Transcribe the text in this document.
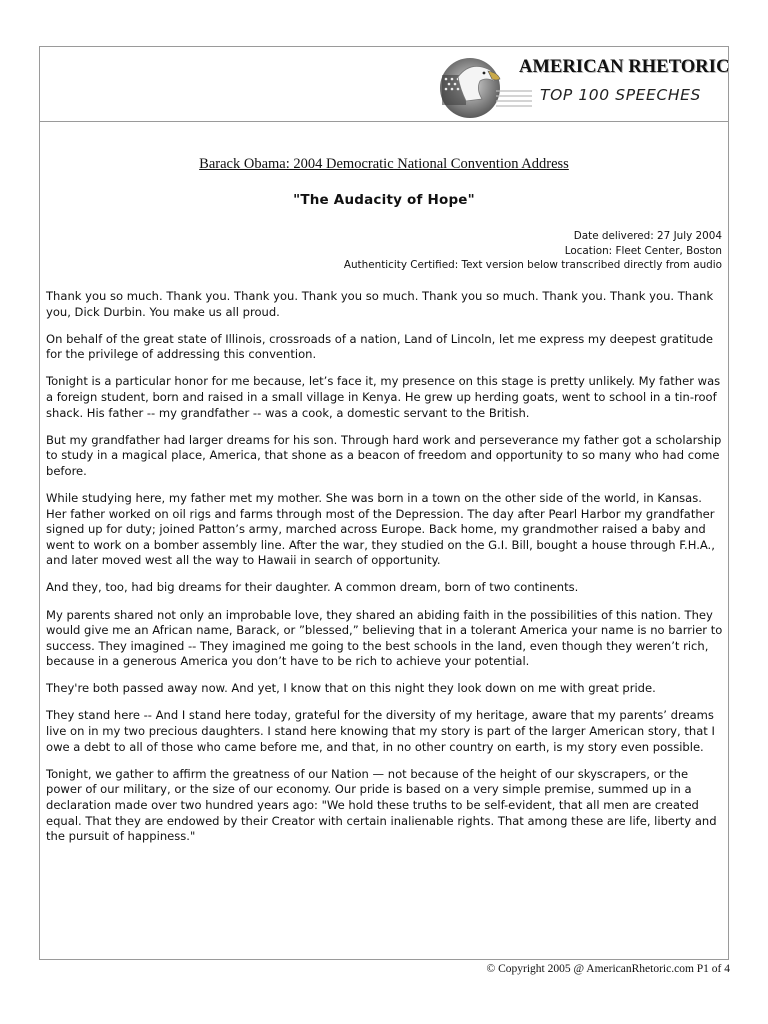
AMERICAN RHETORIC
TOP 100 SPEECHES
Barack Obama: 2004 Democratic National Convention Address
"The Audacity of Hope"
Date delivered: 27 July 2004
Location: Fleet Center, Boston
Authenticity Certified: Text version below transcribed directly from audio

Thank you so much. Thank you. Thank you. Thank you so much. Thank you so much. Thank you. Thank you. Thank you, Dick Durbin. You make us all proud.

On behalf of the great state of Illinois, crossroads of a nation, Land of Lincoln, let me express my deepest gratitude for the privilege of addressing this convention.

Tonight is a particular honor for me because, let’s face it, my presence on this stage is pretty unlikely. My father was a foreign student, born and raised in a small village in Kenya. He grew up herding goats, went to school in a tin-roof shack. His father -- my grandfather -- was a cook, a domestic servant to the British.

But my grandfather had larger dreams for his son. Through hard work and perseverance my father got a scholarship to study in a magical place, America, that shone as a beacon of freedom and opportunity to so many who had come before.

While studying here, my father met my mother. She was born in a town on the other side of the world, in Kansas. Her father worked on oil rigs and farms through most of the Depression. The day after Pearl Harbor my grandfather signed up for duty; joined Patton’s army, marched across Europe. Back home, my grandmother raised a baby and went to work on a bomber assembly line. After the war, they studied on the G.I. Bill, bought a house through F.H.A., and later moved west all the way to Hawaii in search of opportunity.

And they, too, had big dreams for their daughter. A common dream, born of two continents.

My parents shared not only an improbable love, they shared an abiding faith in the possibilities of this nation. They would give me an African name, Barack, or ”blessed,” believing that in a tolerant America your name is no barrier to success. They imagined -- They imagined me going to the best schools in the land, even though they weren’t rich, because in a generous America you don’t have to be rich to achieve your potential.

They're both passed away now. And yet, I know that on this night they look down on me with great pride.

They stand here -- And I stand here today, grateful for the diversity of my heritage, aware that my parents’ dreams live on in my two precious daughters. I stand here knowing that my story is part of the larger American story, that I owe a debt to all of those who came before me, and that, in no other country on earth, is my story even possible.

Tonight, we gather to affirm the greatness of our Nation — not because of the height of our skyscrapers, or the power of our military, or the size of our economy. Our pride is based on a very simple premise, summed up in a declaration made over two hundred years ago: "We hold these truths to be self-evident, that all men are created equal. That they are endowed by their Creator with certain inalienable rights. That among these are life, liberty and the pursuit of happiness."

© Copyright 2005 @ AmericanRhetoric.com P1 of 4
